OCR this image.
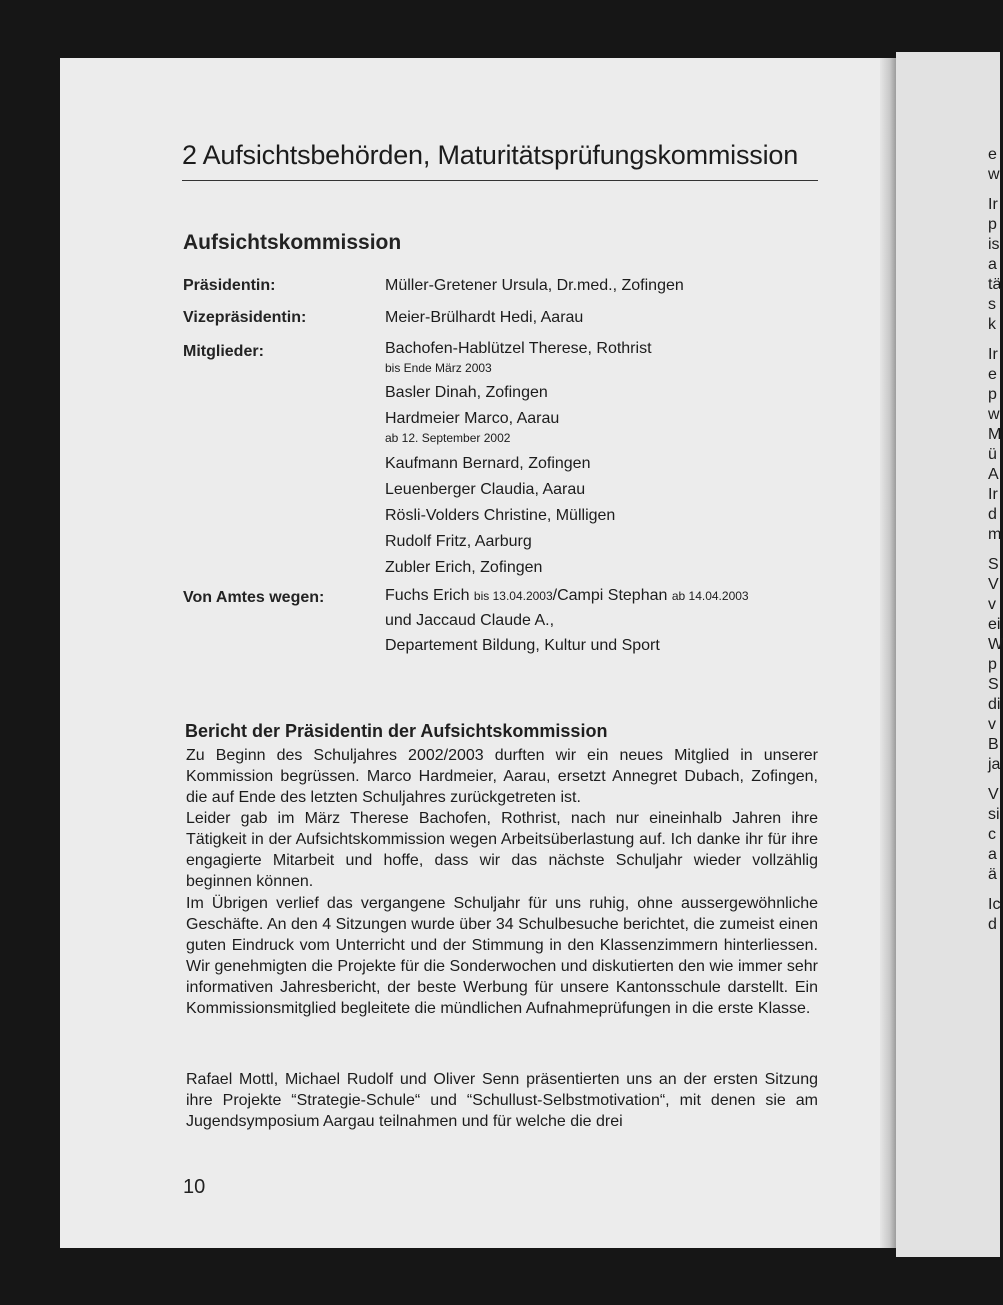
e
w
Ir
p
is
a
tä
s
k
Ir
e
p
w
M
ü
A
Ir
d
m
S
V
v
ei
W
p
S
di
v
B
ja
V
si
c
a
ä
Ic
d
2 Aufsichtsbehörden, Maturitätsprüfungskommission
Aufsichtskommission
Präsidentin:	Müller-Gretener Ursula, Dr.med., Zofingen
Vizepräsidentin:	Meier-Brülhardt Hedi, Aarau
Mitglieder:	Bachofen-Hablützel Therese, Rothrist
bis Ende März 2003
Basler Dinah, Zofingen
Hardmeier Marco, Aarau
ab 12. September 2002
Kaufmann Bernard, Zofingen
Leuenberger Claudia, Aarau
Rösli-Volders Christine, Mülligen
Rudolf Fritz, Aarburg
Zubler Erich, Zofingen
Von Amtes wegen:	Fuchs Erich bis 13.04.2003/Campi Stephan ab 14.04.2003
und Jaccaud Claude A.,
Departement Bildung, Kultur und Sport
Bericht der Präsidentin der Aufsichtskommission
Zu Beginn des Schuljahres 2002/2003 durften wir ein neues Mitglied in unserer Kommission begrüssen. Marco Hardmeier, Aarau, ersetzt Annegret Dubach, Zofingen, die auf Ende des letzten Schuljahres zurückgetreten ist.
Leider gab im März Therese Bachofen, Rothrist, nach nur eineinhalb Jahren ihre Tätigkeit in der Aufsichtskommission wegen Arbeitsüberlastung auf. Ich danke ihr für ihre engagierte Mitarbeit und hoffe, dass wir das nächste Schuljahr wieder vollzählig beginnen können.
Im Übrigen verlief das vergangene Schuljahr für uns ruhig, ohne aussergewöhnliche Geschäfte. An den 4 Sitzungen wurde über 34 Schulbesuche berichtet, die zumeist einen guten Eindruck vom Unterricht und der Stimmung in den Klassenzimmern hinterliessen. Wir genehmigten die Projekte für die Sonderwochen und diskutierten den wie immer sehr informativen Jahresbericht, der beste Werbung für unsere Kantonsschule darstellt. Ein Kommissionsmitglied begleitete die mündlichen Aufnahmeprüfungen in die erste Klasse.
Rafael Mottl, Michael Rudolf und Oliver Senn präsentierten uns an der ersten Sitzung ihre Projekte “Strategie-Schule“ und “Schullust-Selbstmotivation“, mit denen sie am Jugendsymposium Aargau teilnahmen und für welche die drei
10
